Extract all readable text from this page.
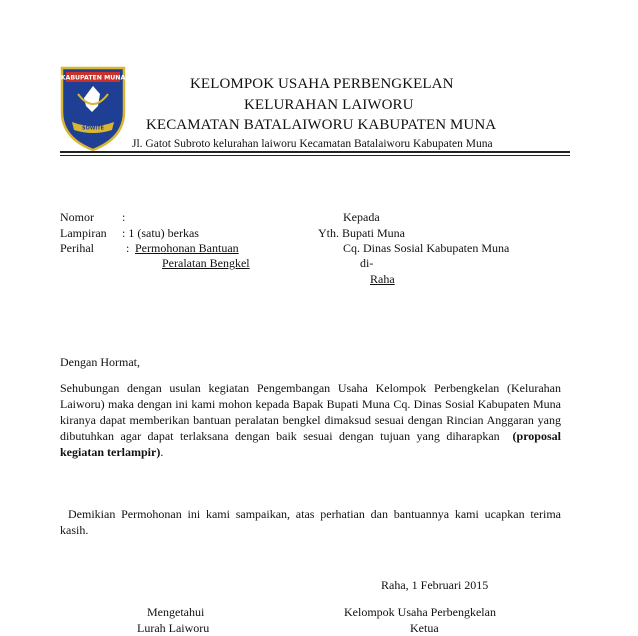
KABUPATEN MUNA
SOWITE
KELOMPOK USAHA PERBENGKELAN
KELURAHAN LAIWORU
KECAMATAN BATALAIWORU KABUPATEN MUNA
Jl. Gatot Subroto kelurahan laiworu Kecamatan Batalaiworu Kabupaten Muna
Nomor :
Lampiran : 1 (satu) berkas
Perihal	: Permohonan Bantuan
Peralatan Bengkel
Kepada
Yth. Bupati Muna
Cq. Dinas Sosial Kabupaten Muna
di-
Raha
Dengan Hormat,
Sehubungan dengan usulan kegiatan Pengembangan Usaha Kelompok Perbengkelan (Kelurahan Laiworu) maka dengan ini kami mohon kepada Bapak Bupati Muna Cq. Dinas Sosial Kabupaten Muna kiranya dapat memberikan bantuan peralatan bengkel dimaksud sesuai dengan Rincian Anggaran yang dibutuhkan agar dapat terlaksana dengan baik sesuai dengan tujuan yang diharapkan (proposal kegiatan terlampir).
Demikian Permohonan ini kami sampaikan, atas perhatian dan bantuannya kami ucapkan terima kasih.
Raha, 1 Februari 2015
Mengetahui
Lurah Laiworu
Kelompok Usaha Perbengkelan
Ketua
